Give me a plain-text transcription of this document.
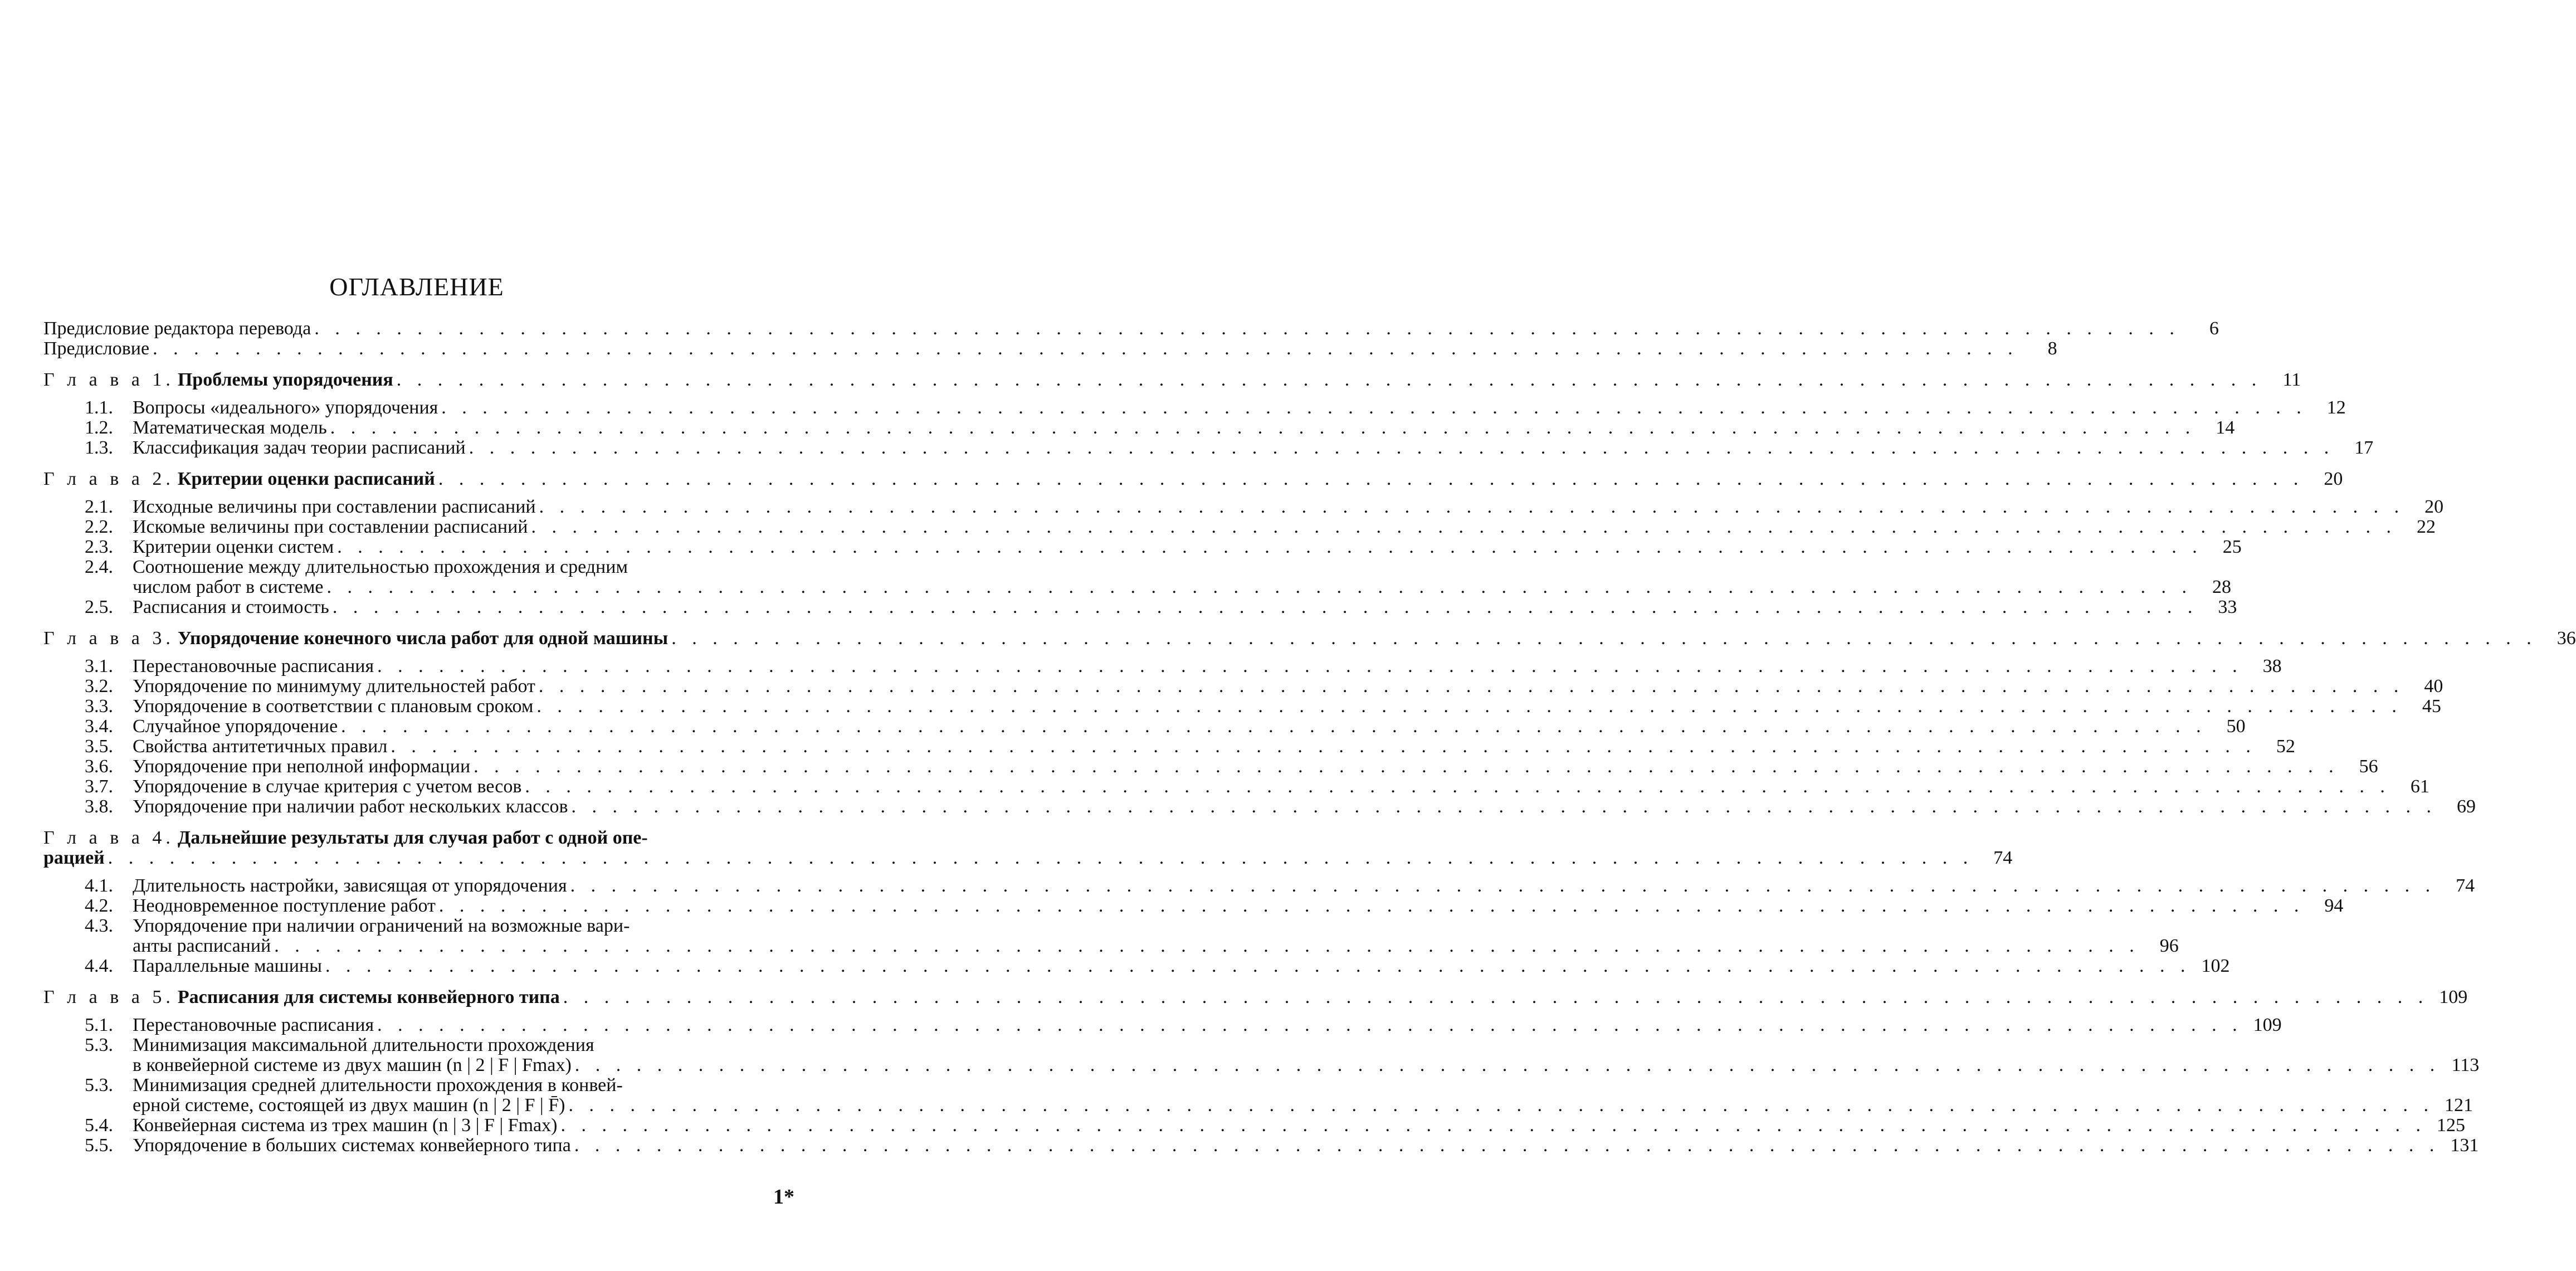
ОГЛАВЛЕНИЕ
Предисловие редактора перевода . . .	6
Предисловие . . .	8
Г л а в а 1. Проблемы упорядочения . . .	11
1.1.	Вопросы «идеального» упорядочения . . .	12
1.2.	Математическая модель . . .	14
1.3.	Классификация задач теории расписаний . . .	17
Г л а в а 2. Критерии оценки расписаний . . .	20
2.1.	Исходные величины при составлении расписаний . . .	20
2.2.	Искомые величины при составлении расписаний . . .	22
2.3.	Критерии оценки систем . . .	25
2.4.	Соотношение между длительностью прохождения и средним
числом работ в системе . . .	28
2.5.	Расписания и стоимость . . .	33
Г л а в а 3. Упорядочение конечного числа работ для одной машины . . .	36
3.1.	Перестановочные расписания . . .	38
3.2.	Упорядочение по минимуму длительностей работ . . .	40
3.3.	Упорядочение в соответствии с плановым сроком . . .	45
3.4.	Случайное упорядочение . . .	50
3.5.	Свойства антитетичных правил . . .	52
3.6.	Упорядочение при неполной информации . . .	56
3.7.	Упорядочение в случае критерия с учетом весов . . .	61
3.8.	Упорядочение при наличии работ нескольких классов . . .	69
Г л а в а 4. Дальнейшие результаты для случая работ с одной опе-
рацией . . .	74
4.1.	Длительность настройки, зависящая от упорядочения . . .	74
4.2.	Неодновременное поступление работ . . .	94
4.3.	Упорядочение при наличии ограничений на возможные вари-
анты расписаний . . .	96
4.4.	Параллельные машины . . .	102
Г л а в а 5. Расписания для системы конвейерного типа . . .	109
5.1.	Перестановочные расписания . . .	109
5.3.	Минимизация максимальной длительности прохождения
в конвейерной системе из двух машин (n | 2 | F | Fmax) . . .	113
5.3.	Минимизация средней длительности прохождения в конвей-
ерной системе, состоящей из двух машин (n | 2 | F | F̄) . . .	121
5.4.	Конвейерная система из трех машин (n | 3 | F | Fmax) . . .	125
5.5.	Упорядочение в больших системах конвейерного типа . . .	131
1*
